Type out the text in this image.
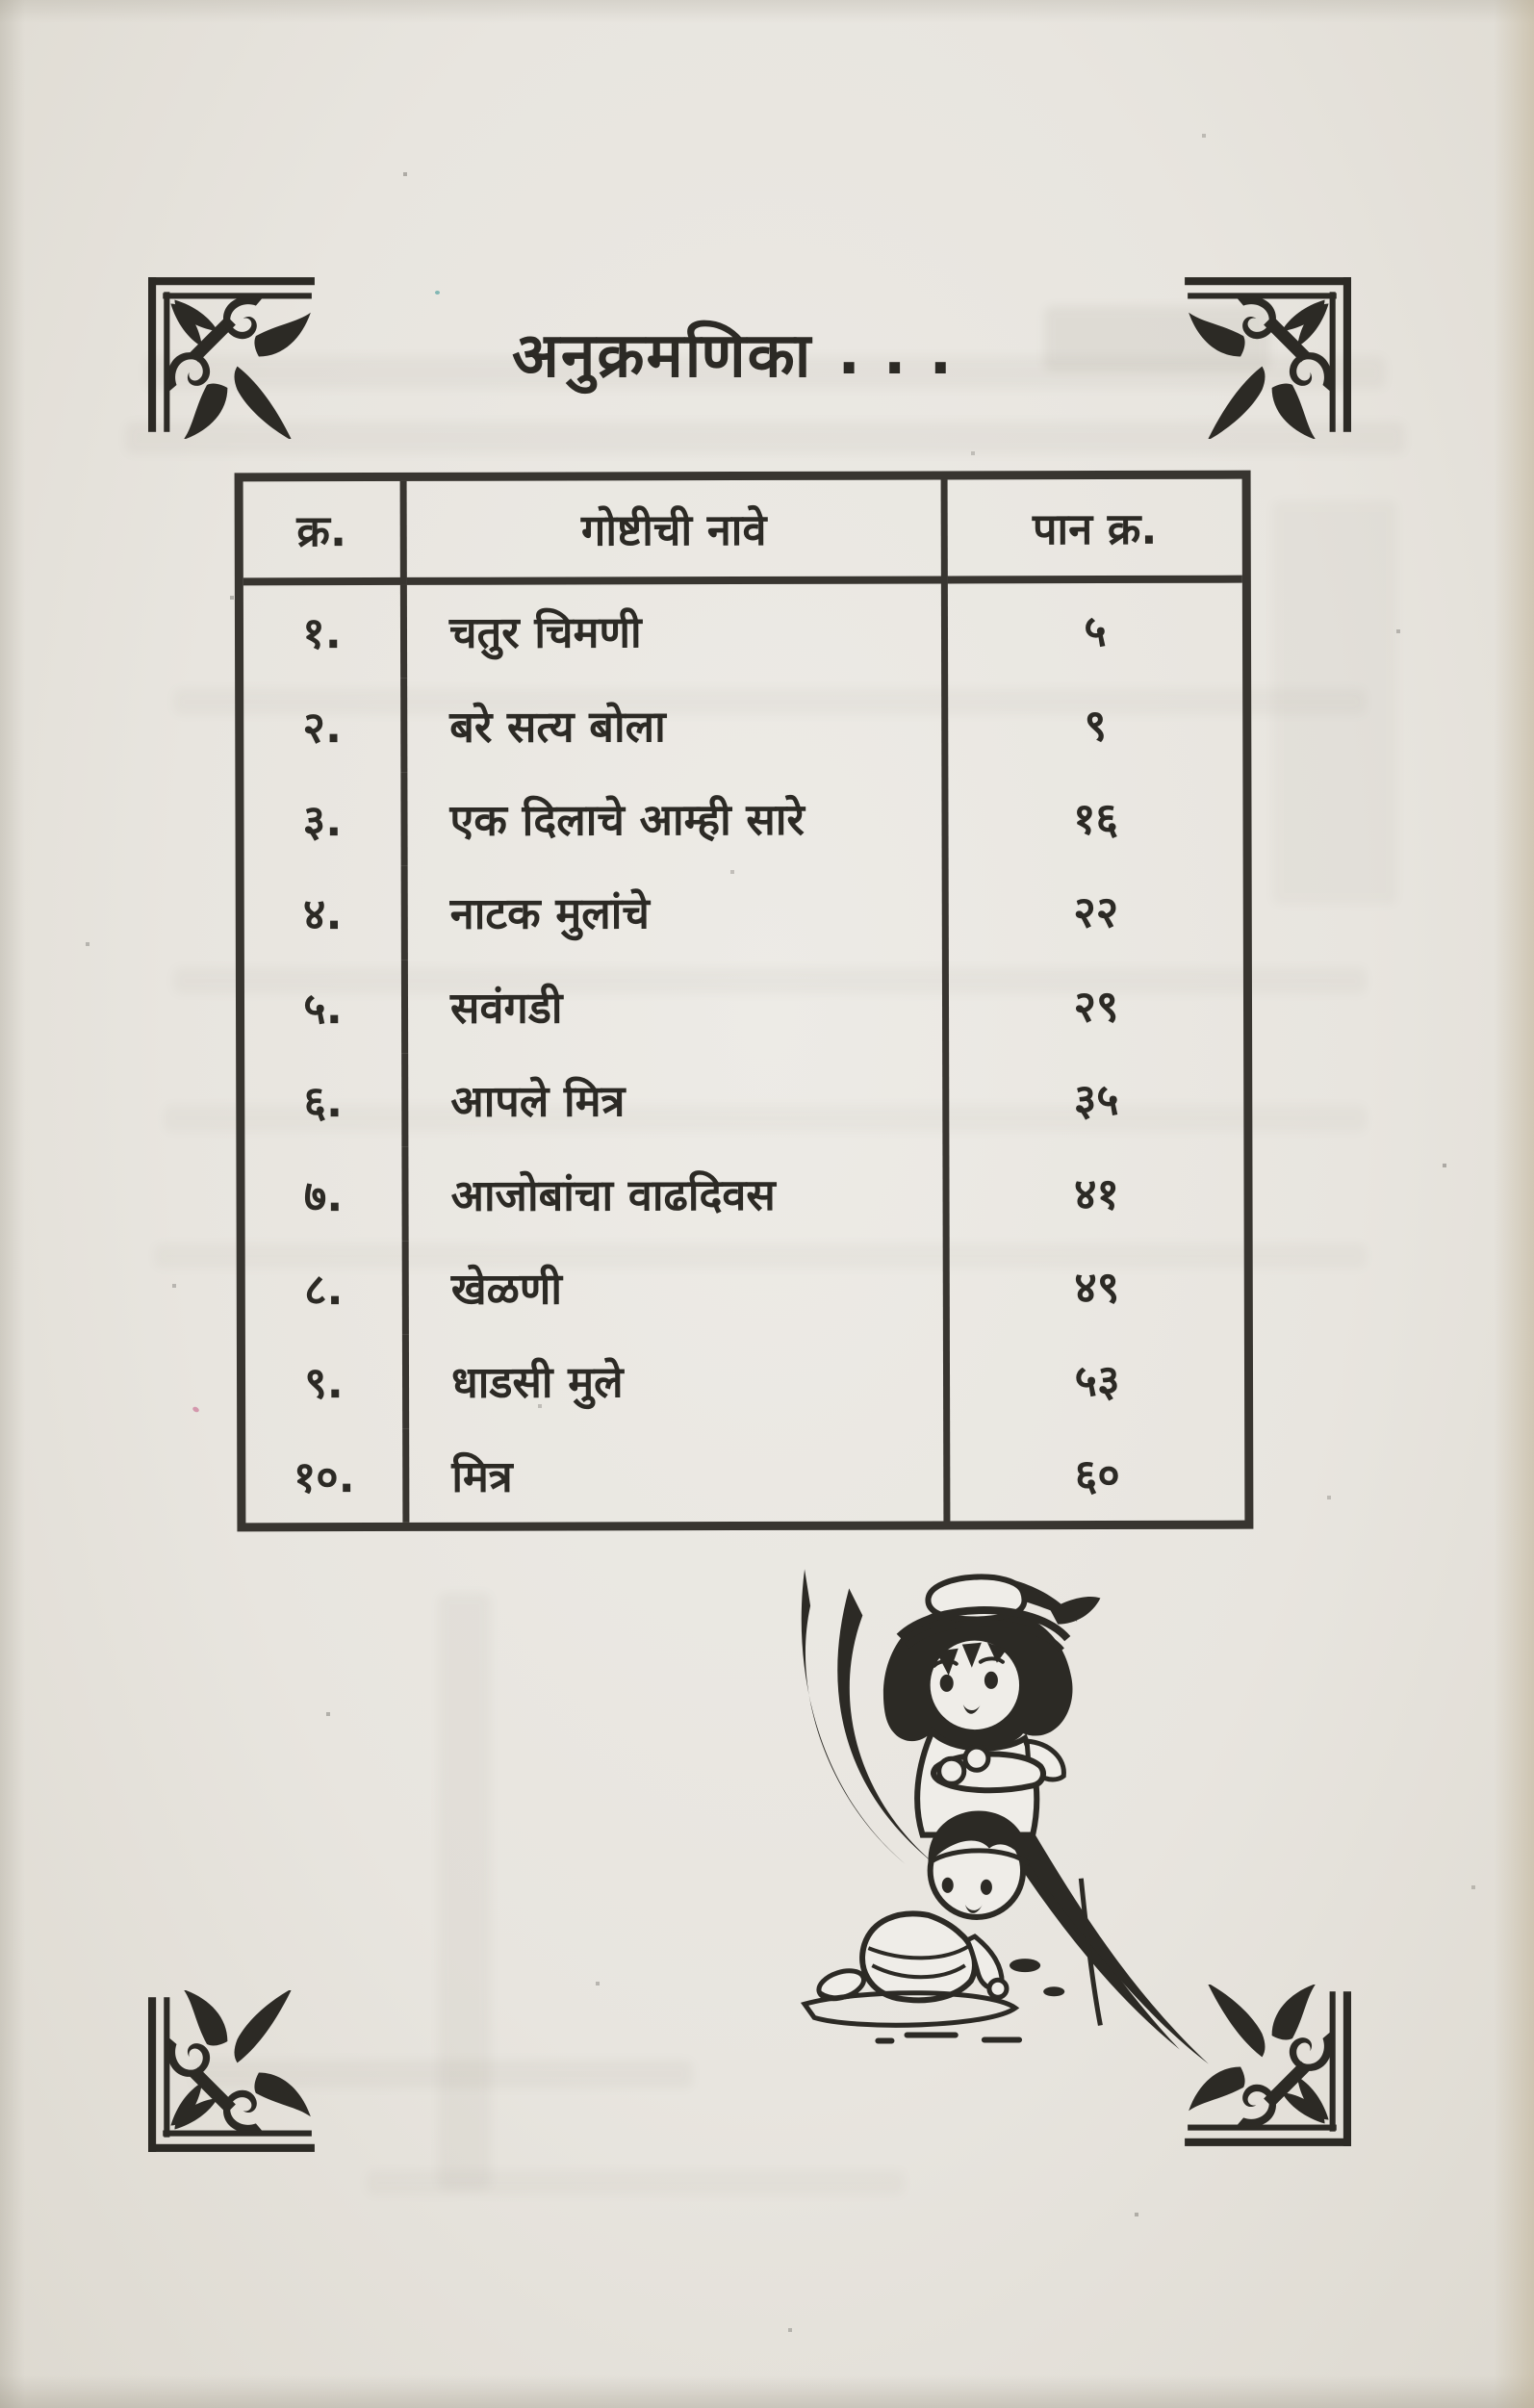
अनुक्रमणिका ...
क्र.	गोष्टीची नावे	पान क्र.
१.	चतुर चिमणी	५
२.	बरे सत्य बोला	९
३.	एक दिलाचे आम्ही सारे	१६
४.	नाटक मुलांचे	२२
५.	सवंगडी	२९
६.	आपले मित्र	३५
७.	आजोबांचा वाढदिवस	४१
८.	खेळणी	४९
९.	धाडसी मुले	५३
१०.	मित्र	६०
